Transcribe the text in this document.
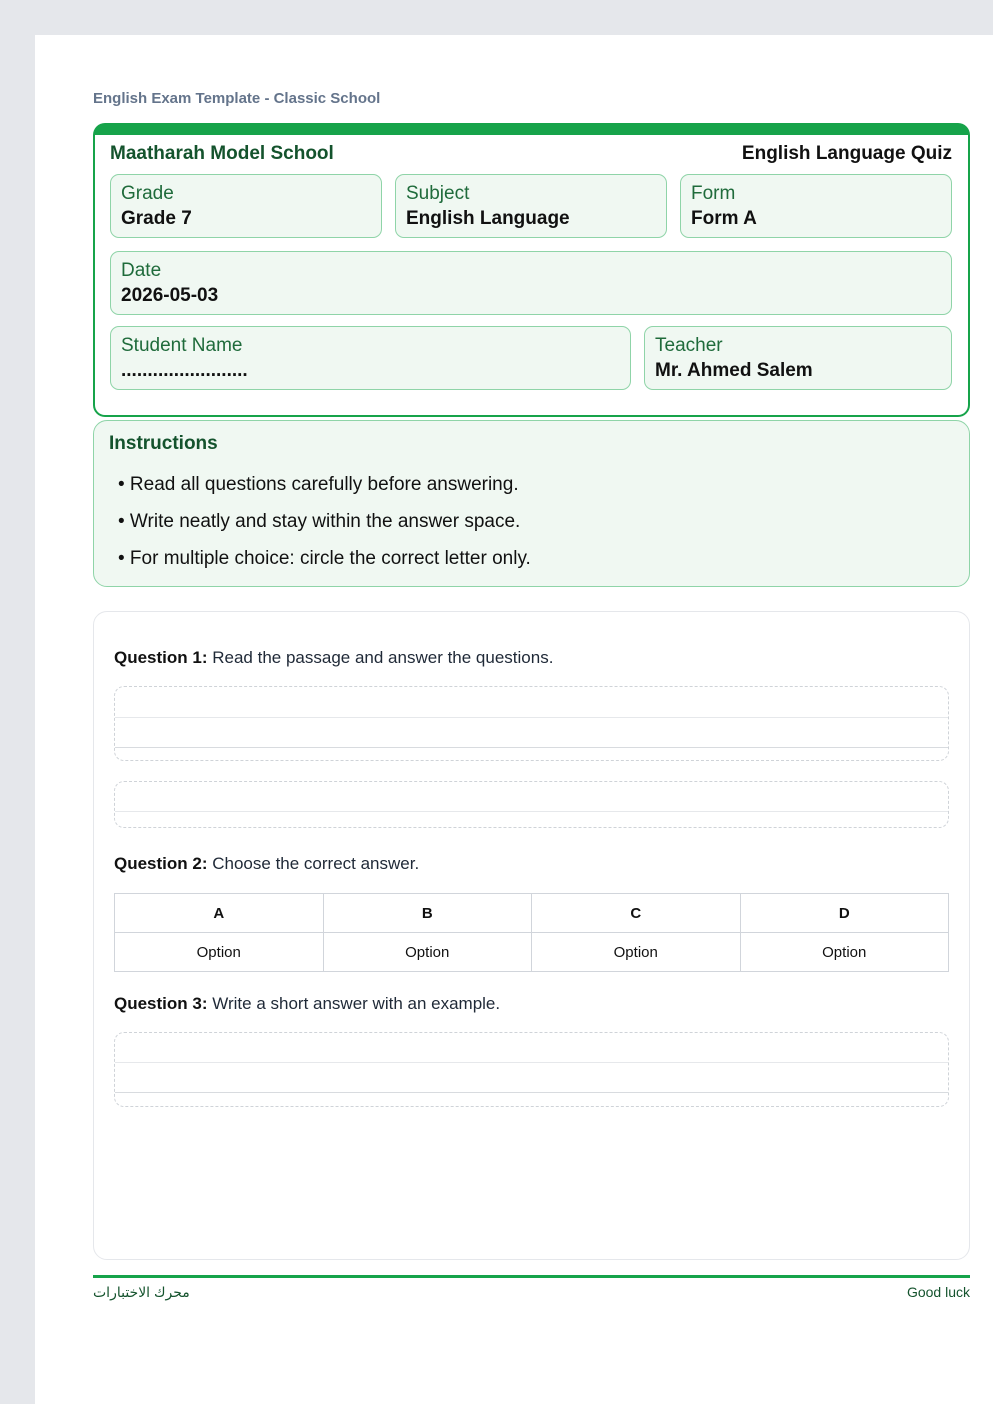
English Exam Template - Classic School
Maatharah Model School	English Language Quiz
Grade
Grade 7
Subject
English Language
Form
Form A
Date
2026-05-03
Student Name
........................
Teacher
Mr. Ahmed Salem
Instructions
• Read all questions carefully before answering.
• Write neatly and stay within the answer space.
• For multiple choice: circle the correct letter only.
Question 1: Read the passage and answer the questions.
Question 2: Choose the correct answer.
A	B	C	D
Option	Option	Option	Option
Question 3: Write a short answer with an example.
محرك الاختبارات	Good luck
